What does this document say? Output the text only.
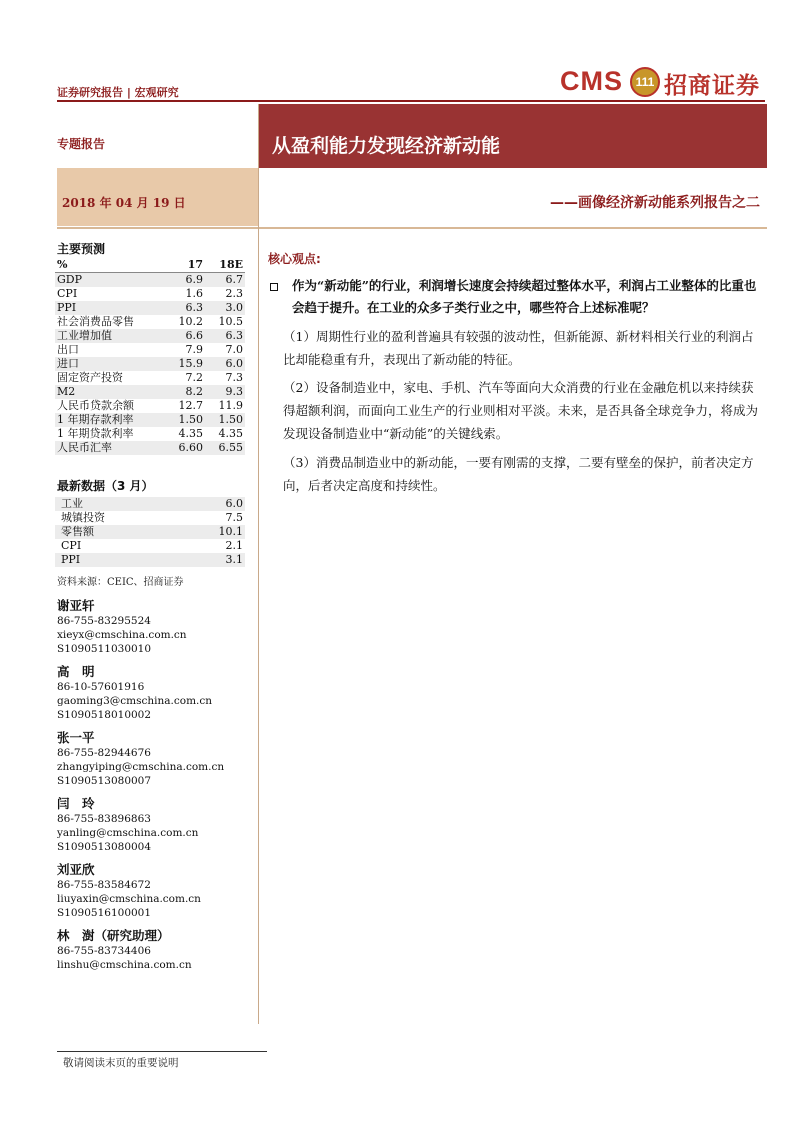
证券研究报告 | 宏观研究	CMS	111 招商证券
专题报告	从盈利能力发现经济新动能
2018 年 04 月 19 日	——画像经济新动能系列报告之二
主要预测
%	17	18E
GDP	6.9	6.7
CPI	1.6	2.3
PPI	6.3	3.0
社会消费品零售	10.2	10.5
工业增加值	6.6	6.3
出口	7.9	7.0
进口	15.9	6.0
固定资产投资	7.2	7.3
M2	8.2	9.3
人民币贷款余额	12.7	11.9
1 年期存款利率	1.50	1.50
1 年期贷款利率	4.35	4.35
人民币汇率	6.60	6.55
最新数据（3 月）
工业	6.0
城镇投资	7.5
零售额	10.1
CPI	2.1
PPI	3.1
资料来源：CEIC、招商证券
谢亚轩
86-755-83295524
xieyx@cmschina.com.cn
S1090511030010
高　明
86-10-57601916
gaoming3@cmschina.com.cn
S1090518010002
张一平
86-755-82944676
zhangyiping@cmschina.com.cn
S1090513080007
闫　玲
86-755-83896863
yanling@cmschina.com.cn
S1090513080004
刘亚欣
86-755-83584672
liuyaxin@cmschina.com.cn
S1090516100001
林　澍（研究助理）
86-755-83734406
linshu@cmschina.com.cn
核心观点:
作为“新动能”的行业，利润增长速度会持续超过整体水平，利润占工业整体的比重也会趋于提升。在工业的众多子类行业之中，哪些符合上述标准呢？
（1）周期性行业的盈利普遍具有较强的波动性，但新能源、新材料相关行业的利润占比却能稳重有升，表现出了新动能的特征。
（2）设备制造业中，家电、手机、汽车等面向大众消费的行业在金融危机以来持续获得超额利润，而面向工业生产的行业则相对平淡。未来，是否具备全球竞争力，将成为发现设备制造业中“新动能”的关键线索。
（3）消费品制造业中的新动能，一要有刚需的支撑，二要有壁垒的保护，前者决定方向，后者决定高度和持续性。
敬请阅读末页的重要说明
